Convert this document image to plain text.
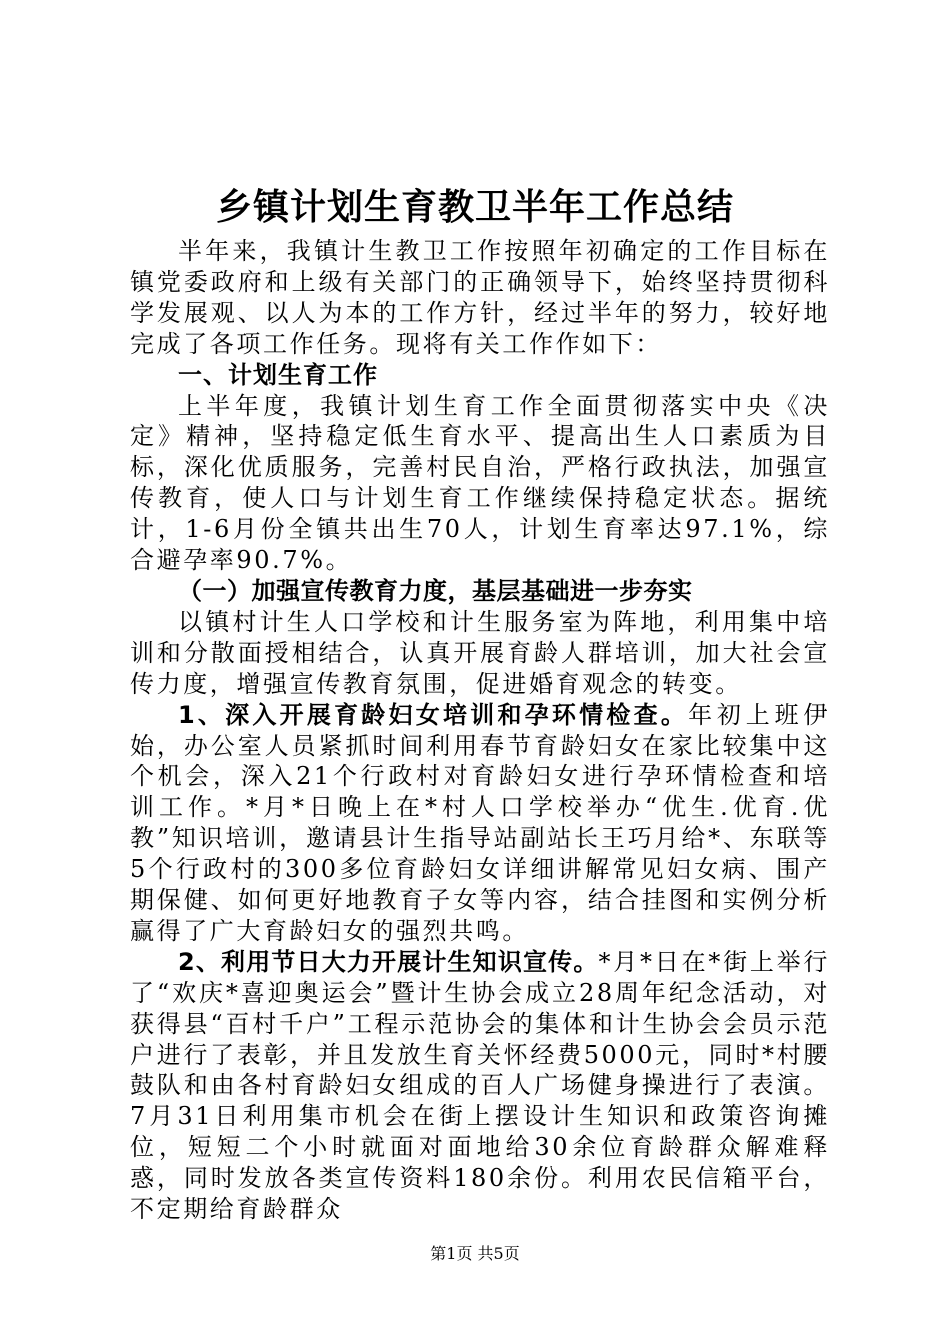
乡镇计划生育教卫半年工作总结

半年来，我镇计生教卫工作按照年初确定的工作目标在镇党委政府和上级有关部门的正确领导下，始终坚持贯彻科学发展观、以人为本的工作方针，经过半年的努力，较好地完成了各项工作任务。现将有关工作作如下：

一、计划生育工作

上半年度，我镇计划生育工作全面贯彻落实中央《决定》精神，坚持稳定低生育水平、提高出生人口素质为目标，深化优质服务，完善村民自治，严格行政执法，加强宣传教育，使人口与计划生育工作继续保持稳定状态。据统计，1-6月份全镇共出生70人，计划生育率达97.1%，综合避孕率90.7%。

（一）加强宣传教育力度，基层基础进一步夯实

以镇村计生人口学校和计生服务室为阵地，利用集中培训和分散面授相结合，认真开展育龄人群培训，加大社会宣传力度，增强宣传教育氛围，促进婚育观念的转变。

1、深入开展育龄妇女培训和孕环情检查。年初上班伊始，办公室人员紧抓时间利用春节育龄妇女在家比较集中这个机会，深入21个行政村对育龄妇女进行孕环情检查和培训工作。*月*日晚上在*村人口学校举办“优生.优育.优教”知识培训，邀请县计生指导站副站长王巧月给*、东联等5个行政村的300多位育龄妇女详细讲解常见妇女病、围产期保健、如何更好地教育子女等内容，结合挂图和实例分析赢得了广大育龄妇女的强烈共鸣。

2、利用节日大力开展计生知识宣传。*月*日在*街上举行了“欢庆*喜迎奥运会”暨计生协会成立28周年纪念活动，对获得县“百村千户”工程示范协会的集体和计生协会会员示范户进行了表彰，并且发放生育关怀经费5000元，同时*村腰鼓队和由各村育龄妇女组成的百人广场健身操进行了表演。7月31日利用集市机会在街上摆设计生知识和政策咨询摊位，短短二个小时就面对面地给30余位育龄群众解难释惑，同时发放各类宣传资料180余份。利用农民信箱平台，不定期给育龄群众

第1页 共5页
